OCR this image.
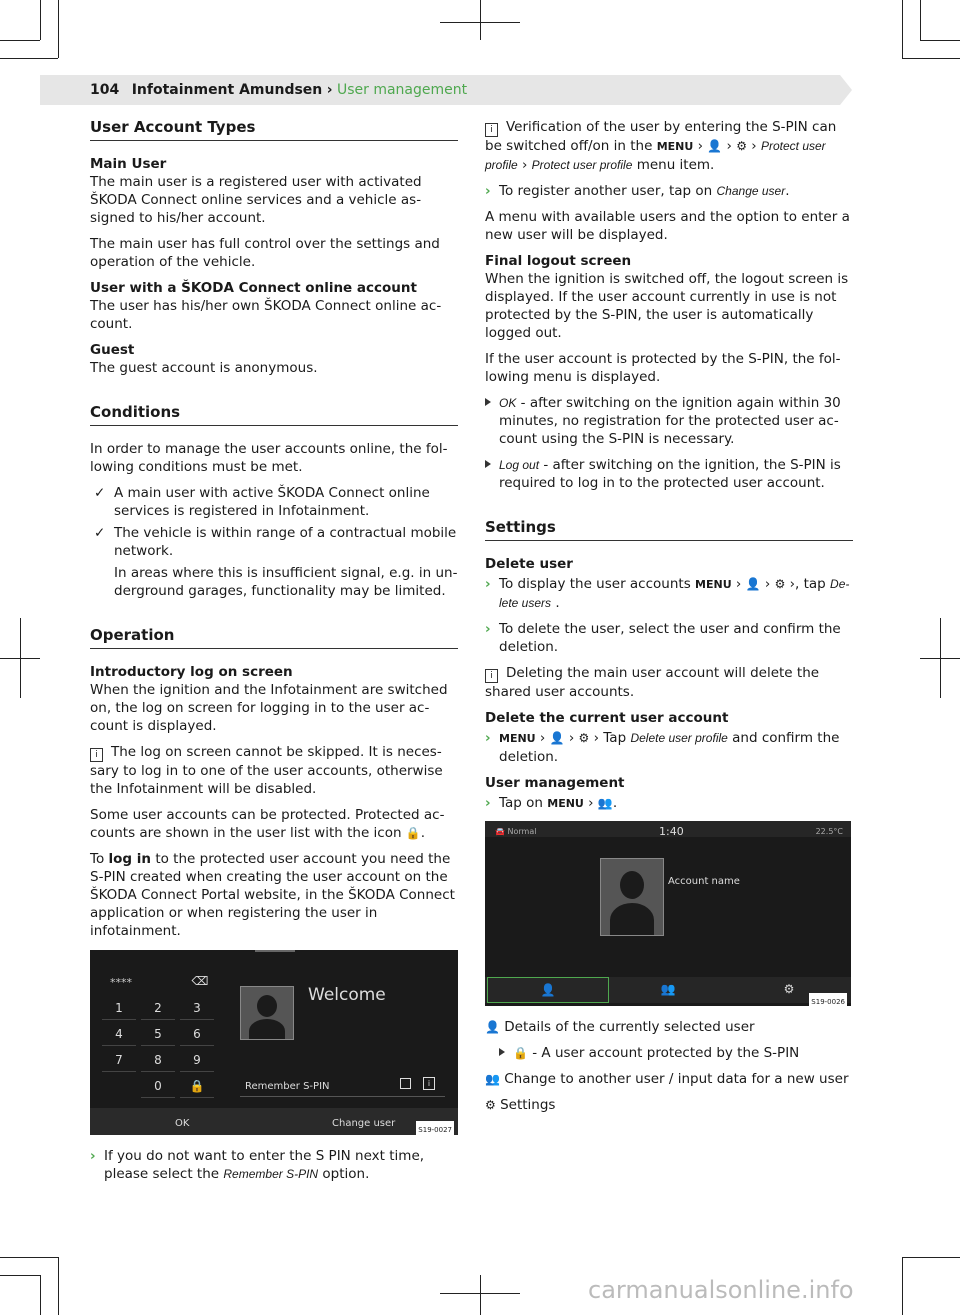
104 Infotainment Amundsen › User management
User Account Types

Main User
The main user is a registered user with activated ŠKODA Connect online services and a vehicle assigned to his/her account.

The main user has full control over the settings and operation of the vehicle.

User with a ŠKODA Connect online account
The user has his/her own ŠKODA Connect online account.

Guest
The guest account is anonymous.

Conditions

In order to manage the user accounts online, the following conditions must be met.

✓ A main user with active ŠKODA Connect online services is registered in Infotainment.
✓ The vehicle is within range of a contractual mobile network.

In areas where this is insufficient signal, e.g. in underground garages, functionality may be limited.

Operation

Introductory log on screen
When the ignition and the Infotainment are switched on, the log on screen for logging in to the user account is displayed.

i The log on screen cannot be skipped. It is necessary to log in to one of the user accounts, otherwise the Infotainment will be disabled.

Some user accounts can be protected. Protected accounts are shown in the user list with the icon 🔒.

To log in to the protected user account you need the S-PIN created when creating the user account on the ŠKODA Connect Portal website, in the ŠKODA Connect application or when registering the user in infotainment.

****	⌫
1	2	3
4	5	6
7	8	9
0	🔒
Welcome
Remember S-PIN	i
OK	Change user
S19-0027
› If you do not want to enter the S PIN next time, please select the Remember S-PIN option.

i Verification of the user by entering the S-PIN can be switched off/on in the MENU › 👤 › ⚙ › Protect user profile › Protect user profile menu item.

› To register another user, tap on Change user.

A menu with available users and the option to enter a new user will be displayed.

Final logout screen
When the ignition is switched off, the logout screen is displayed. If the user account currently in use is not protected by the S-PIN, the user is automatically logged out.

If the user account is protected by the S-PIN, the following menu is displayed.

OK - after switching on the ignition again within 30 minutes, no registration for the protected user account using the S-PIN is necessary.
Log out - after switching on the ignition, the S-PIN is required to log in to the protected user account.
Settings

Delete user

› To display the user accounts MENU › 👤 › ⚙ ›, tap Delete users .
› To delete the user, select the user and confirm the deletion.

i Deleting the main user account will delete the shared user accounts.

Delete the current user account

› MENU › 👤 › ⚙ › Tap Delete user profile and confirm the deletion.

User management

› Tap on MENU › 👥.
🚘 Normal	1:40	22.5°C
Account name
👤	👥	⚙
S19-0026

👤 Details of the currently selected user

🔒 - A user account protected by the S-PIN

👥 Change to another user / input data for a new user

⚙ Settings

carmanualsonline.info
